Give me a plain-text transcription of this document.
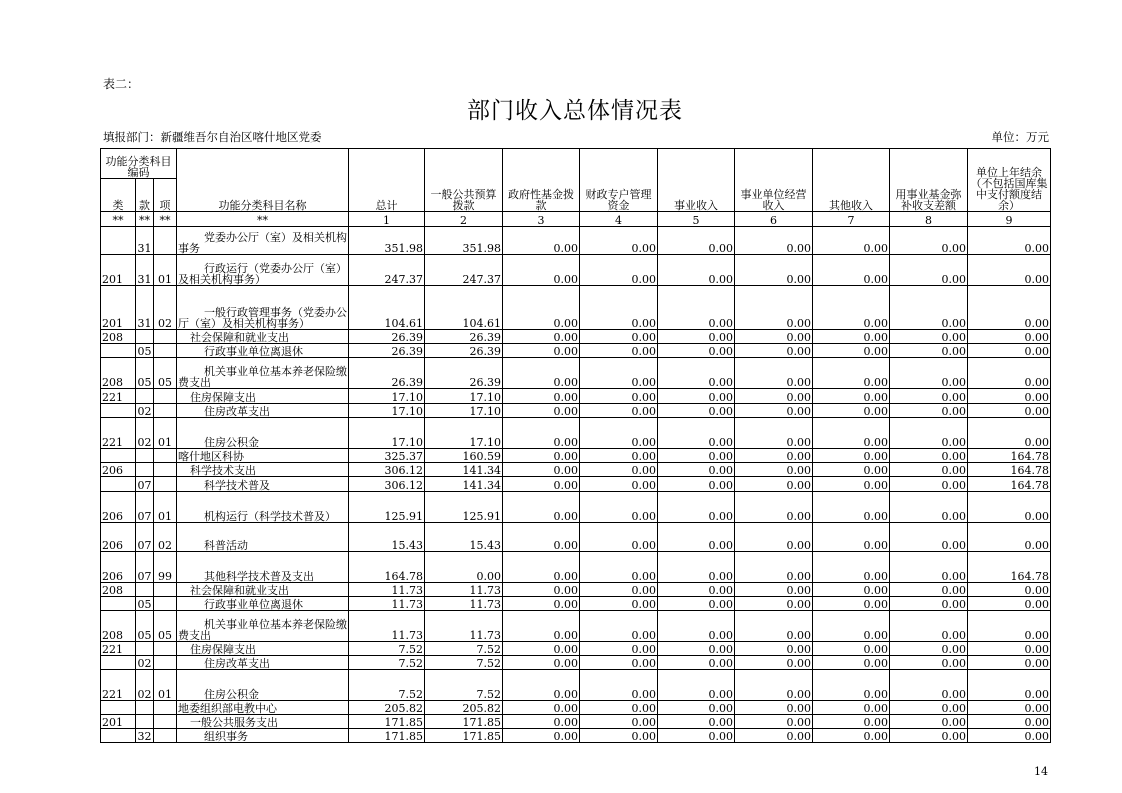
表二：
部门收入总体情况表
填报部门：新疆维吾尔自治区喀什地区党委	单位：万元
功能分类科目编码			功能分类科目名称	总计	一般公共预算拨款	政府性基金拨款	财政专户管理资金	事业收入	事业单位经营收入	其他收入	用事业基金弥补收支差额	单位上年结余（不包括国库集中支付额度结余）
类	款	项										
**	**	**	**	1	2	3	4	5	6	7	8	9
	31		党委办公厅（室）及相关机构事务	351.98	351.98	0.00	0.00	0.00	0.00	0.00	0.00	0.00
201	31	01	行政运行（党委办公厅（室）及相关机构事务）	247.37	247.37	0.00	0.00	0.00	0.00	0.00	0.00	0.00
201	31	02	一般行政管理事务（党委办公厅（室）及相关机构事务）	104.61	104.61	0.00	0.00	0.00	0.00	0.00	0.00	0.00
208			社会保障和就业支出	26.39	26.39	0.00	0.00	0.00	0.00	0.00	0.00	0.00
	05		行政事业单位离退休	26.39	26.39	0.00	0.00	0.00	0.00	0.00	0.00	0.00
208	05	05	机关事业单位基本养老保险缴费支出	26.39	26.39	0.00	0.00	0.00	0.00	0.00	0.00	0.00
221			住房保障支出	17.10	17.10	0.00	0.00	0.00	0.00	0.00	0.00	0.00
	02		住房改革支出	17.10	17.10	0.00	0.00	0.00	0.00	0.00	0.00	0.00
221	02	01	住房公积金	17.10	17.10	0.00	0.00	0.00	0.00	0.00	0.00	0.00
			喀什地区科协	325.37	160.59	0.00	0.00	0.00	0.00	0.00	0.00	164.78
206			科学技术支出	306.12	141.34	0.00	0.00	0.00	0.00	0.00	0.00	164.78
	07		科学技术普及	306.12	141.34	0.00	0.00	0.00	0.00	0.00	0.00	164.78
206	07	01	机构运行（科学技术普及）	125.91	125.91	0.00	0.00	0.00	0.00	0.00	0.00	0.00
206	07	02	科普活动	15.43	15.43	0.00	0.00	0.00	0.00	0.00	0.00	0.00
206	07	99	其他科学技术普及支出	164.78	0.00	0.00	0.00	0.00	0.00	0.00	0.00	164.78
208			社会保障和就业支出	11.73	11.73	0.00	0.00	0.00	0.00	0.00	0.00	0.00
	05		行政事业单位离退休	11.73	11.73	0.00	0.00	0.00	0.00	0.00	0.00	0.00
208	05	05	机关事业单位基本养老保险缴费支出	11.73	11.73	0.00	0.00	0.00	0.00	0.00	0.00	0.00
221			住房保障支出	7.52	7.52	0.00	0.00	0.00	0.00	0.00	0.00	0.00
	02		住房改革支出	7.52	7.52	0.00	0.00	0.00	0.00	0.00	0.00	0.00
221	02	01	住房公积金	7.52	7.52	0.00	0.00	0.00	0.00	0.00	0.00	0.00
			地委组织部电教中心	205.82	205.82	0.00	0.00	0.00	0.00	0.00	0.00	0.00
201			一般公共服务支出	171.85	171.85	0.00	0.00	0.00	0.00	0.00	0.00	0.00
	32		组织事务	171.85	171.85	0.00	0.00	0.00	0.00	0.00	0.00	0.00
14
